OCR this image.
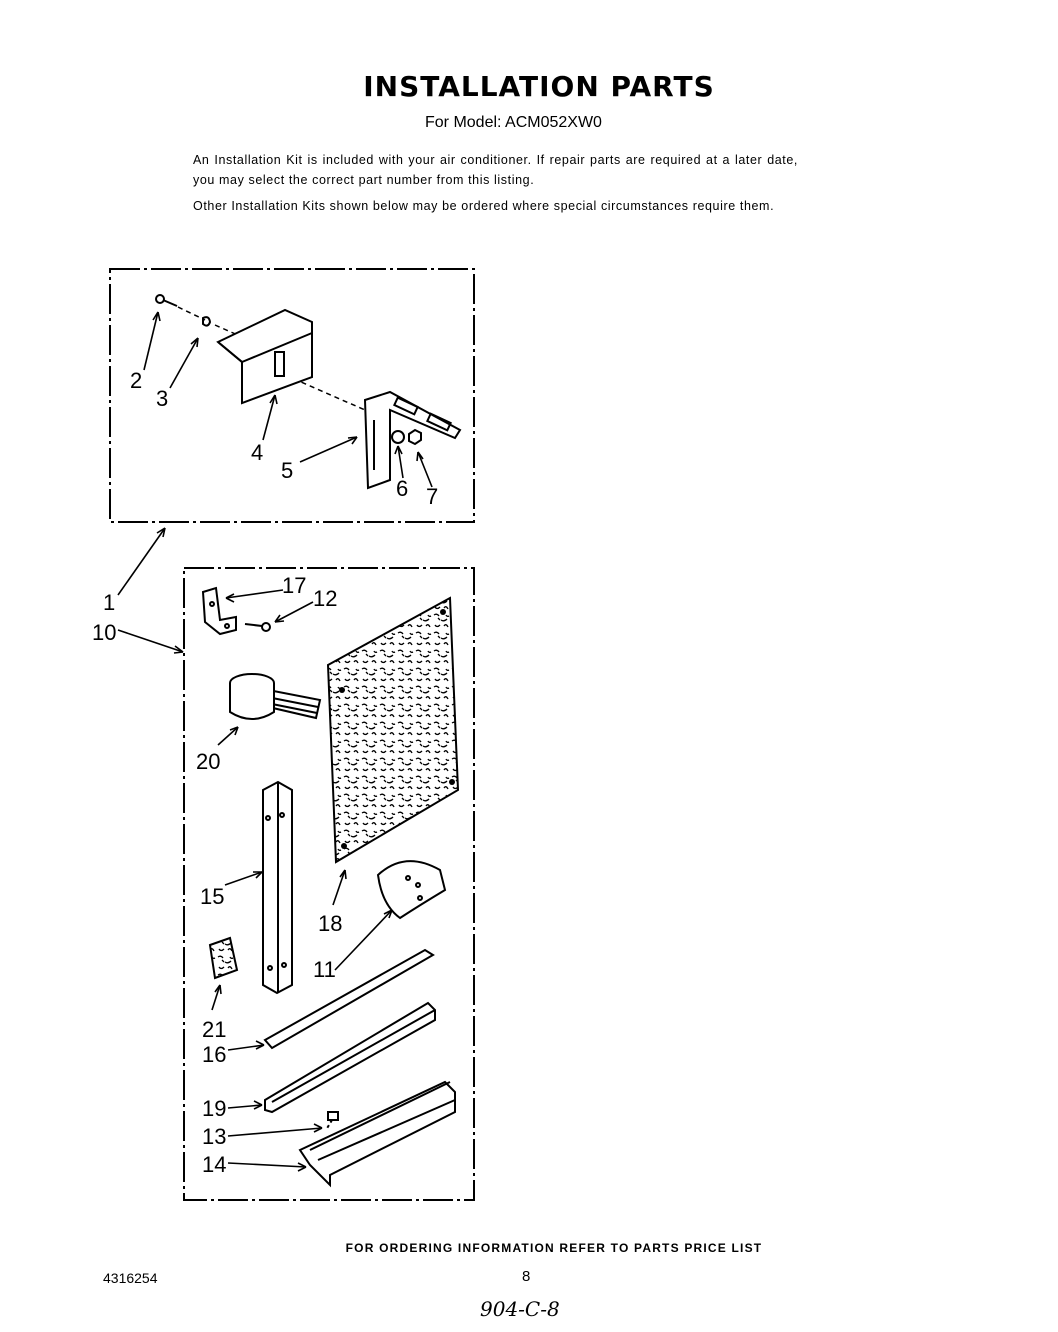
INSTALLATION PARTS
For Model: ACM052XW0
An Installation Kit is included with your air conditioner. If repair parts are required at a later date, you may select the correct part number from this listing.
Other Installation Kits shown below may be ordered where special circumstances require them.
2
3
4
5
6 7
1
10
17
12
20
15
18
11
21
16
19
13
14
FOR ORDERING INFORMATION REFER TO PARTS PRICE LIST
4316254	8
904-C-8
